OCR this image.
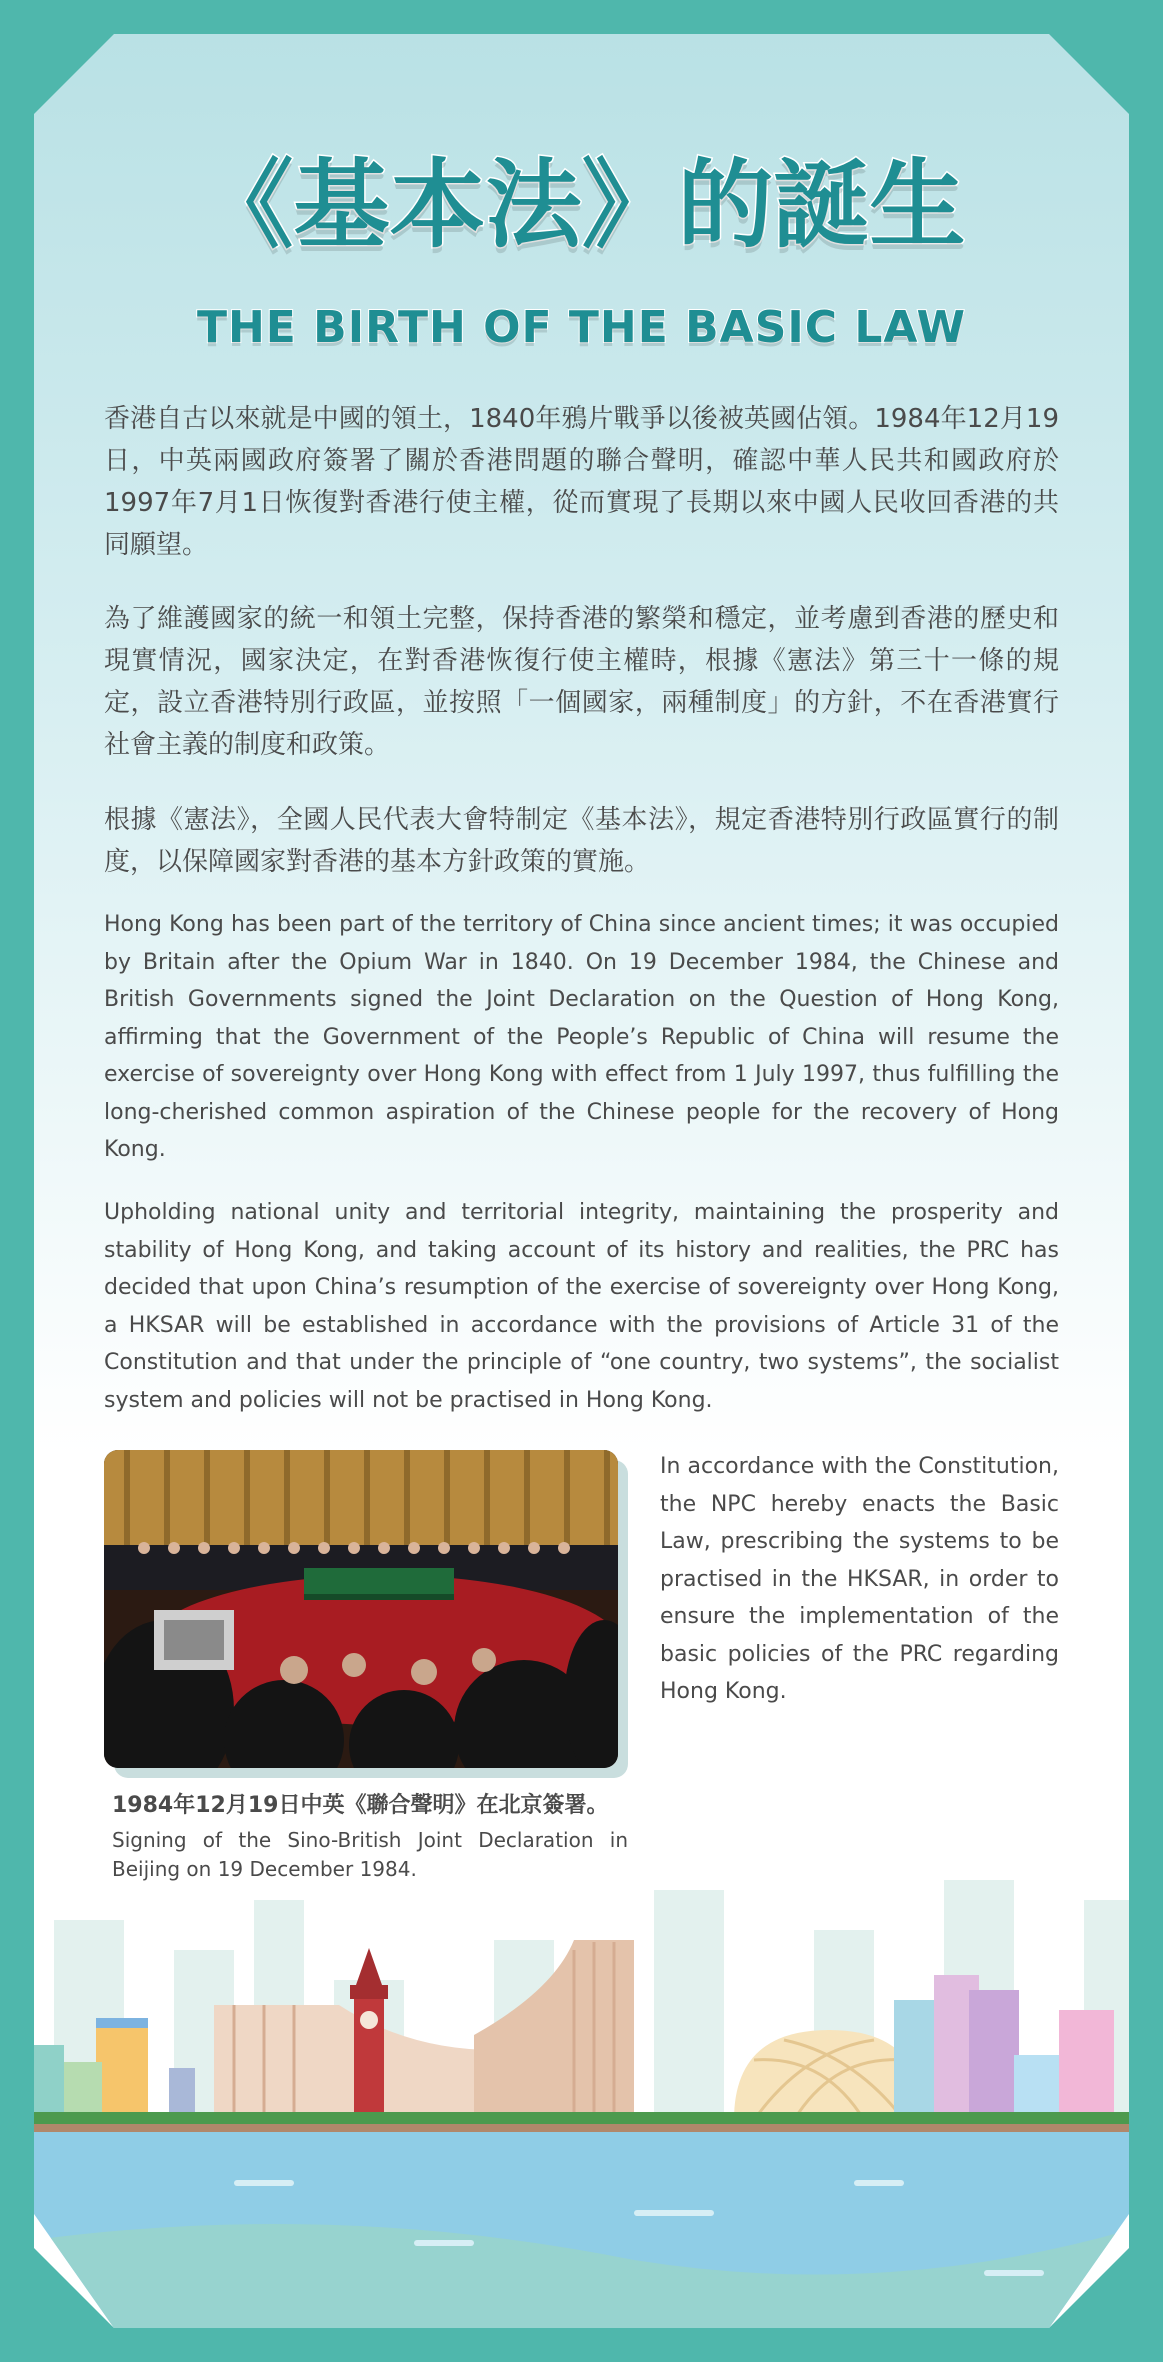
《基本法》的誕生
THE BIRTH OF THE BASIC LAW

香港自古以來就是中國的領土，1840年鴉片戰爭以後被英國佔領。1984年12月19日，中英兩國政府簽署了關於香港問題的聯合聲明，確認中華人民共和國政府於1997年7月1日恢復對香港行使主權，從而實現了長期以來中國人民收回香港的共同願望。

為了維護國家的統一和領土完整，保持香港的繁榮和穩定，並考慮到香港的歷史和現實情況，國家決定，在對香港恢復行使主權時，根據《憲法》第三十一條的規定，設立香港特別行政區，並按照「一個國家，兩種制度」的方針，不在香港實行社會主義的制度和政策。

根據《憲法》，全國人民代表大會特制定《基本法》，規定香港特別行政區實行的制度，以保障國家對香港的基本方針政策的實施。

Hong Kong has been part of the territory of China since ancient times; it was occupied by Britain after the Opium War in 1840. On 19 December 1984, the Chinese and British Governments signed the Joint Declaration on the Question of Hong Kong, affirming that the Government of the People’s Republic of China will resume the exercise of sovereignty over Hong Kong with effect from 1 July 1997, thus fulfilling the long-cherished common aspiration of the Chinese people for the recovery of Hong Kong.

Upholding national unity and territorial integrity, maintaining the prosperity and stability of Hong Kong, and taking account of its history and realities, the PRC has decided that upon China’s resumption of the exercise of sovereignty over Hong Kong, a HKSAR will be established in accordance with the provisions of Article 31 of the Constitution and that under the principle of “one country, two systems”, the socialist system and policies will not be practised in Hong Kong.

In accordance with the Constitution, the NPC hereby enacts the Basic Law, prescribing the systems to be practised in the HKSAR, in order to ensure the implementation of the basic policies of the PRC regarding Hong Kong.

1984年12月19日中英《聯合聲明》在北京簽署。
Signing of the Sino-British Joint Declaration in Beijing on 19 December 1984.
